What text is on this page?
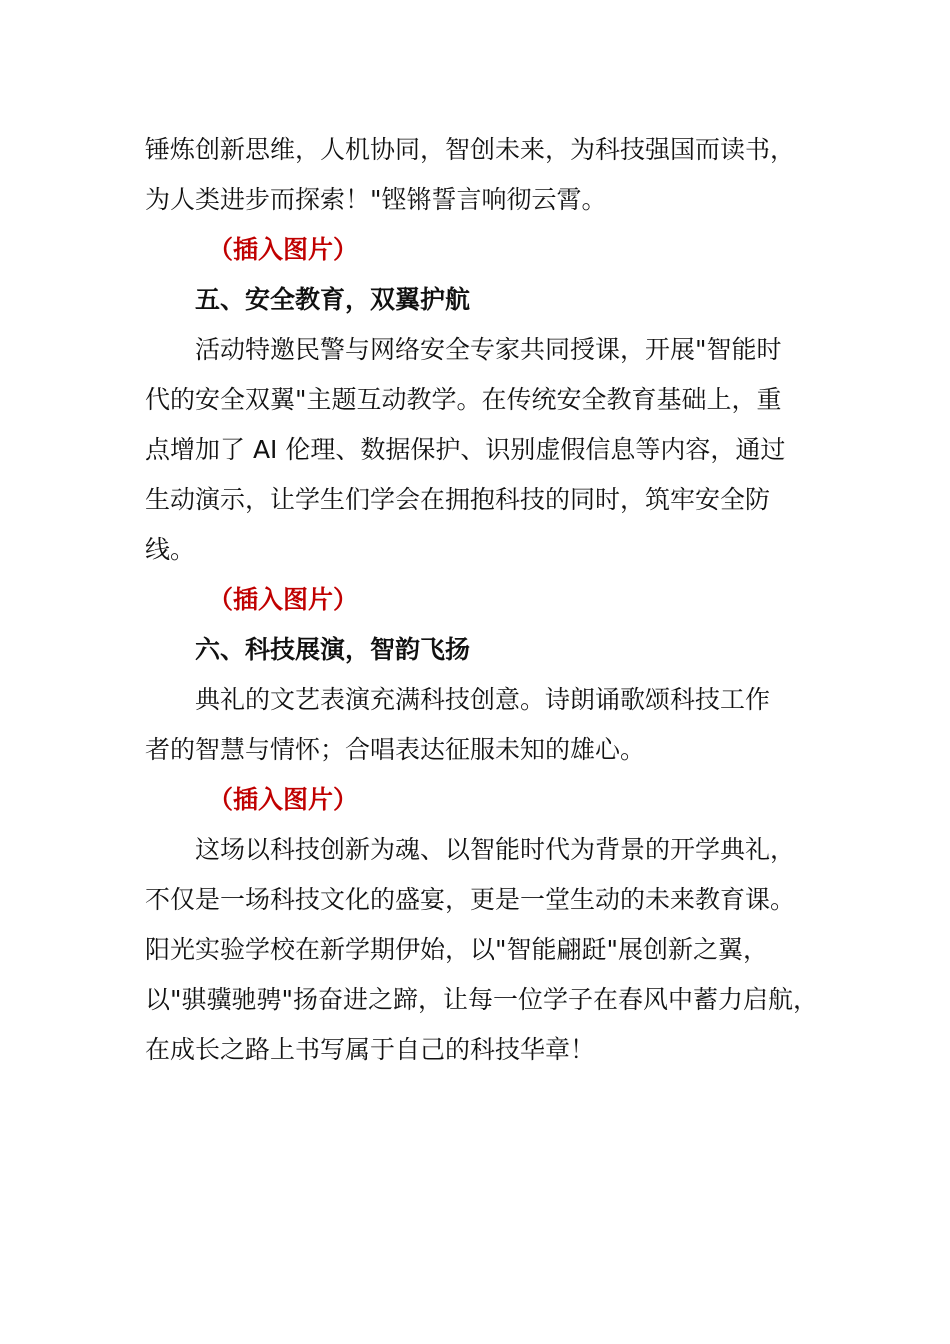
锤炼创新思维，人机协同，智创未来，为科技强国而读书，
为人类进步而探索！"铿锵誓言响彻云霄。
（插入图片）
五、安全教育，双翼护航
活动特邀民警与网络安全专家共同授课，开展"智能时
代的安全双翼"主题互动教学。在传统安全教育基础上，重
点增加了 AI 伦理、数据保护、识别虚假信息等内容，通过
生动演示，让学生们学会在拥抱科技的同时，筑牢安全防
线。
（插入图片）
六、科技展演，智韵飞扬
典礼的文艺表演充满科技创意。诗朗诵歌颂科技工作
者的智慧与情怀；合唱表达征服未知的雄心。
（插入图片）
这场以科技创新为魂、以智能时代为背景的开学典礼，
不仅是一场科技文化的盛宴，更是一堂生动的未来教育课。
阳光实验学校在新学期伊始，以"智能翩跹"展创新之翼，
以"骐骥驰骋"扬奋进之蹄，让每一位学子在春风中蓄力启航，
在成长之路上书写属于自己的科技华章！
